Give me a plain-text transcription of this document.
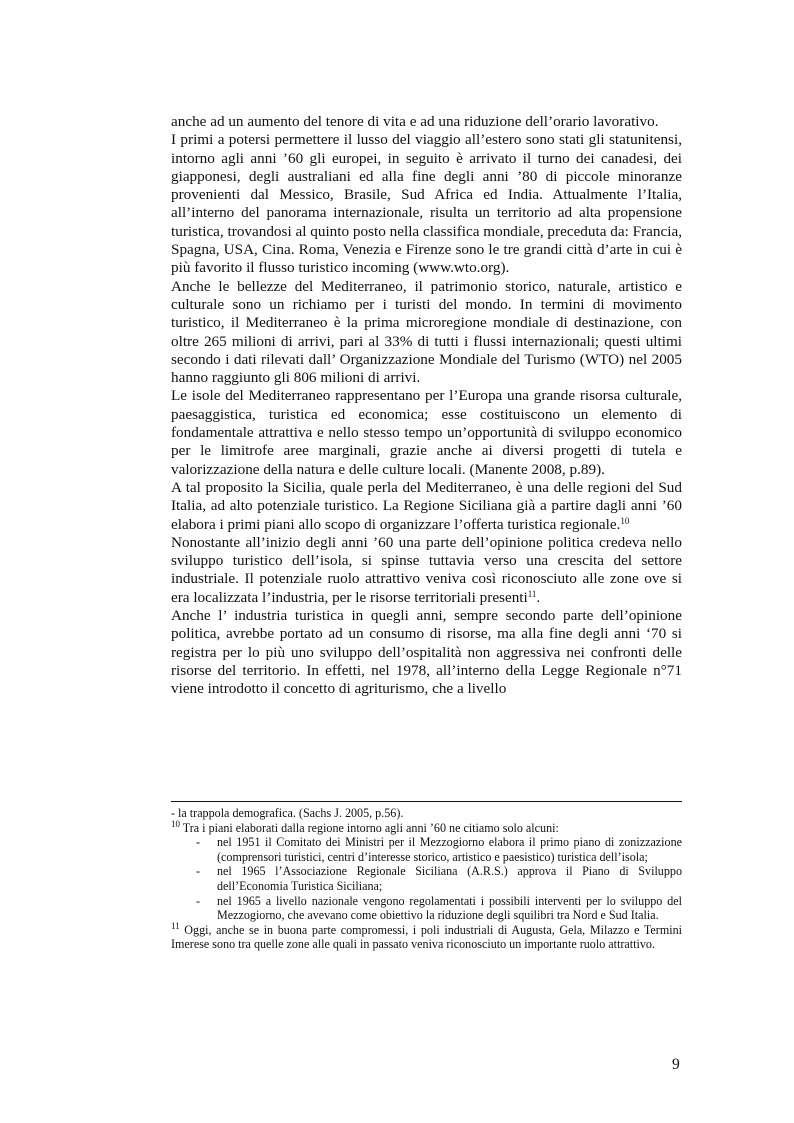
anche ad un aumento del tenore di vita e ad una riduzione dell’orario lavorativo.

I primi a potersi permettere il lusso del viaggio all’estero sono stati gli statunitensi, intorno agli anni ’60 gli europei, in seguito è arrivato il turno dei canadesi, dei giapponesi, degli australiani ed alla fine degli anni ’80 di piccole minoranze provenienti dal Messico, Brasile, Sud Africa ed India. Attualmente l’Italia, all’interno del panorama internazionale, risulta un territorio ad alta propensione turistica, trovandosi al quinto posto nella classifica mondiale, preceduta da: Francia, Spagna, USA, Cina. Roma, Venezia e Firenze sono le tre grandi città d’arte in cui è più favorito il flusso turistico incoming (www.wto.org).

Anche le bellezze del Mediterraneo, il patrimonio storico, naturale, artistico e culturale sono un richiamo per i turisti del mondo. In termini di movimento turistico, il Mediterraneo è la prima microregione mondiale di destinazione, con oltre 265 milioni di arrivi, pari al 33% di tutti i flussi internazionali; questi ultimi secondo i dati rilevati dall’ Organizzazione Mondiale del Turismo (WTO) nel 2005 hanno raggiunto gli 806 milioni di arrivi.

Le isole del Mediterraneo rappresentano per l’Europa una grande risorsa culturale, paesaggistica, turistica ed economica; esse costituiscono un elemento di fondamentale attrattiva e nello stesso tempo un’opportunità di sviluppo economico per le limitrofe aree marginali, grazie anche ai diversi progetti di tutela e valorizzazione della natura e delle culture locali. (Manente 2008, p.89).

A tal proposito la Sicilia, quale perla del Mediterraneo, è una delle regioni del Sud Italia, ad alto potenziale turistico. La Regione Siciliana già a partire dagli anni ’60 elabora i primi piani allo scopo di organizzare l’offerta turistica regionale.$^{10}$

Nonostante all’inizio degli anni ’60 una parte dell’opinione politica credeva nello sviluppo turistico dell’isola, si spinse tuttavia verso una crescita del settore industriale. Il potenziale ruolo attrattivo veniva così riconosciuto alle zone ove si era localizzata l’industria, per le risorse territoriali presenti$^{11}$.

Anche l’ industria turistica in quegli anni, sempre secondo parte dell’opinione politica, avrebbe portato ad un consumo di risorse, ma alla fine degli anni ‘70 si registra per lo più uno sviluppo dell’ospitalità non aggressiva nei confronti delle risorse del territorio. In effetti, nel 1978, all’interno della Legge Regionale n°71 viene introdotto il concetto di agriturismo, che a livello

- la trappola demografica. (Sachs J. 2005, p.56).

$^{10}$ Tra i piani elaborati dalla regione intorno agli anni ’60 ne citiamo solo alcuni:

- nel 1951 il Comitato dei Ministri per il Mezzogiorno elabora il primo piano di zonizzazione (comprensori turistici, centri d’interesse storico, artistico e paesistico) turistica dell’isola;
- nel 1965 l’Associazione Regionale Siciliana (A.R.S.) approva il Piano di Sviluppo dell’Economia Turistica Siciliana;
- nel 1965 a livello nazionale vengono regolamentati i possibili interventi per lo sviluppo del Mezzogiorno, che avevano come obiettivo la riduzione degli squilibri tra Nord e Sud Italia.

$^{11}$ Oggi, anche se in buona parte compromessi, i poli industriali di Augusta, Gela, Milazzo e Termini Imerese sono tra quelle zone alle quali in passato veniva riconosciuto un importante ruolo attrattivo.

9
